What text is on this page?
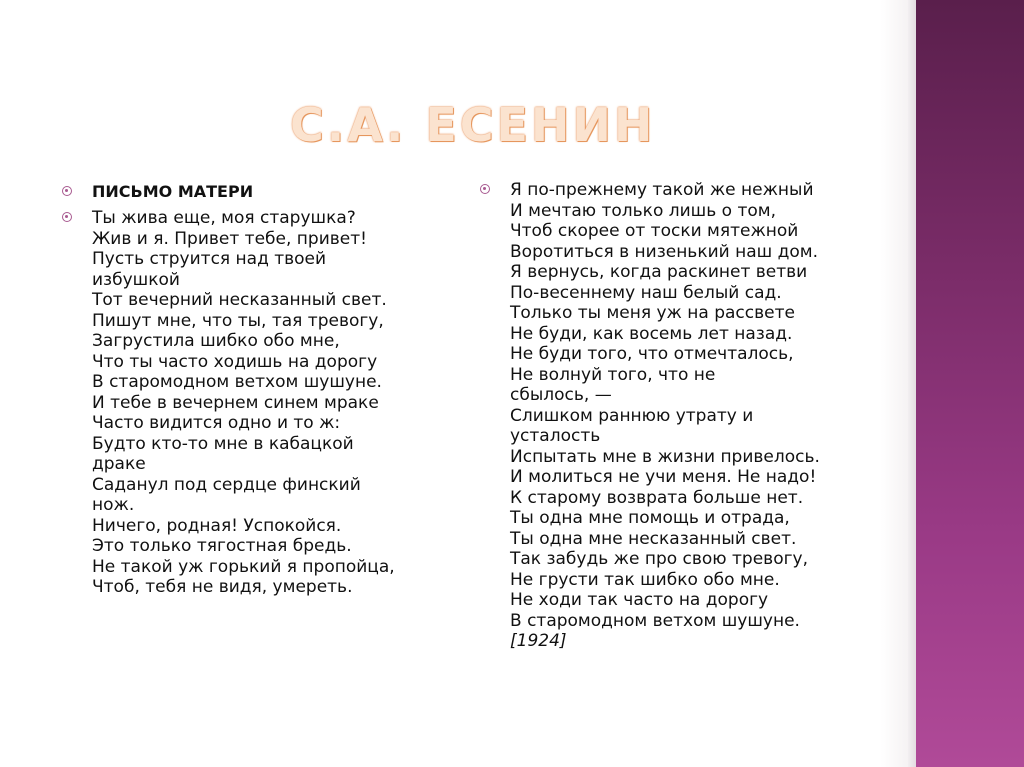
С.А. ЕСЕНИН
ПИСЬМО МАТЕРИ
Ты жива еще, моя старушка?
Жив и я. Привет тебе, привет!
Пусть струится над твоей
избушкой
Тот вечерний несказанный свет.
Пишут мне, что ты, тая тревогу,
Загрустила шибко обо мне,
Что ты часто ходишь на дорогу
В старомодном ветхом шушуне.
И тебе в вечернем синем мраке
Часто видится одно и то ж:
Будто кто-то мне в кабацкой
драке
Саданул под сердце финский
нож.
Ничего, родная! Успокойся.
Это только тягостная бредь.
Не такой уж горький я пропойца,
Чтоб, тебя не видя, умереть.
Я по-прежнему такой же нежный
И мечтаю только лишь о том,
Чтоб скорее от тоски мятежной
Воротиться в низенький наш дом.
Я вернусь, когда раскинет ветви
По-весеннему наш белый сад.
Только ты меня уж на рассвете
Не буди, как восемь лет назад.
Не буди того, что отмечталось,
Не волнуй того, что не
сбылось, —
Слишком раннюю утрату и
усталость
Испытать мне в жизни привелось.
И молиться не учи меня. Не надо!
К старому возврата больше нет.
Ты одна мне помощь и отрада,
Ты одна мне несказанный свет.
Так забудь же про свою тревогу,
Не грусти так шибко обо мне.
Не ходи так часто на дорогу
В старомодном ветхом шушуне.
[1924]
